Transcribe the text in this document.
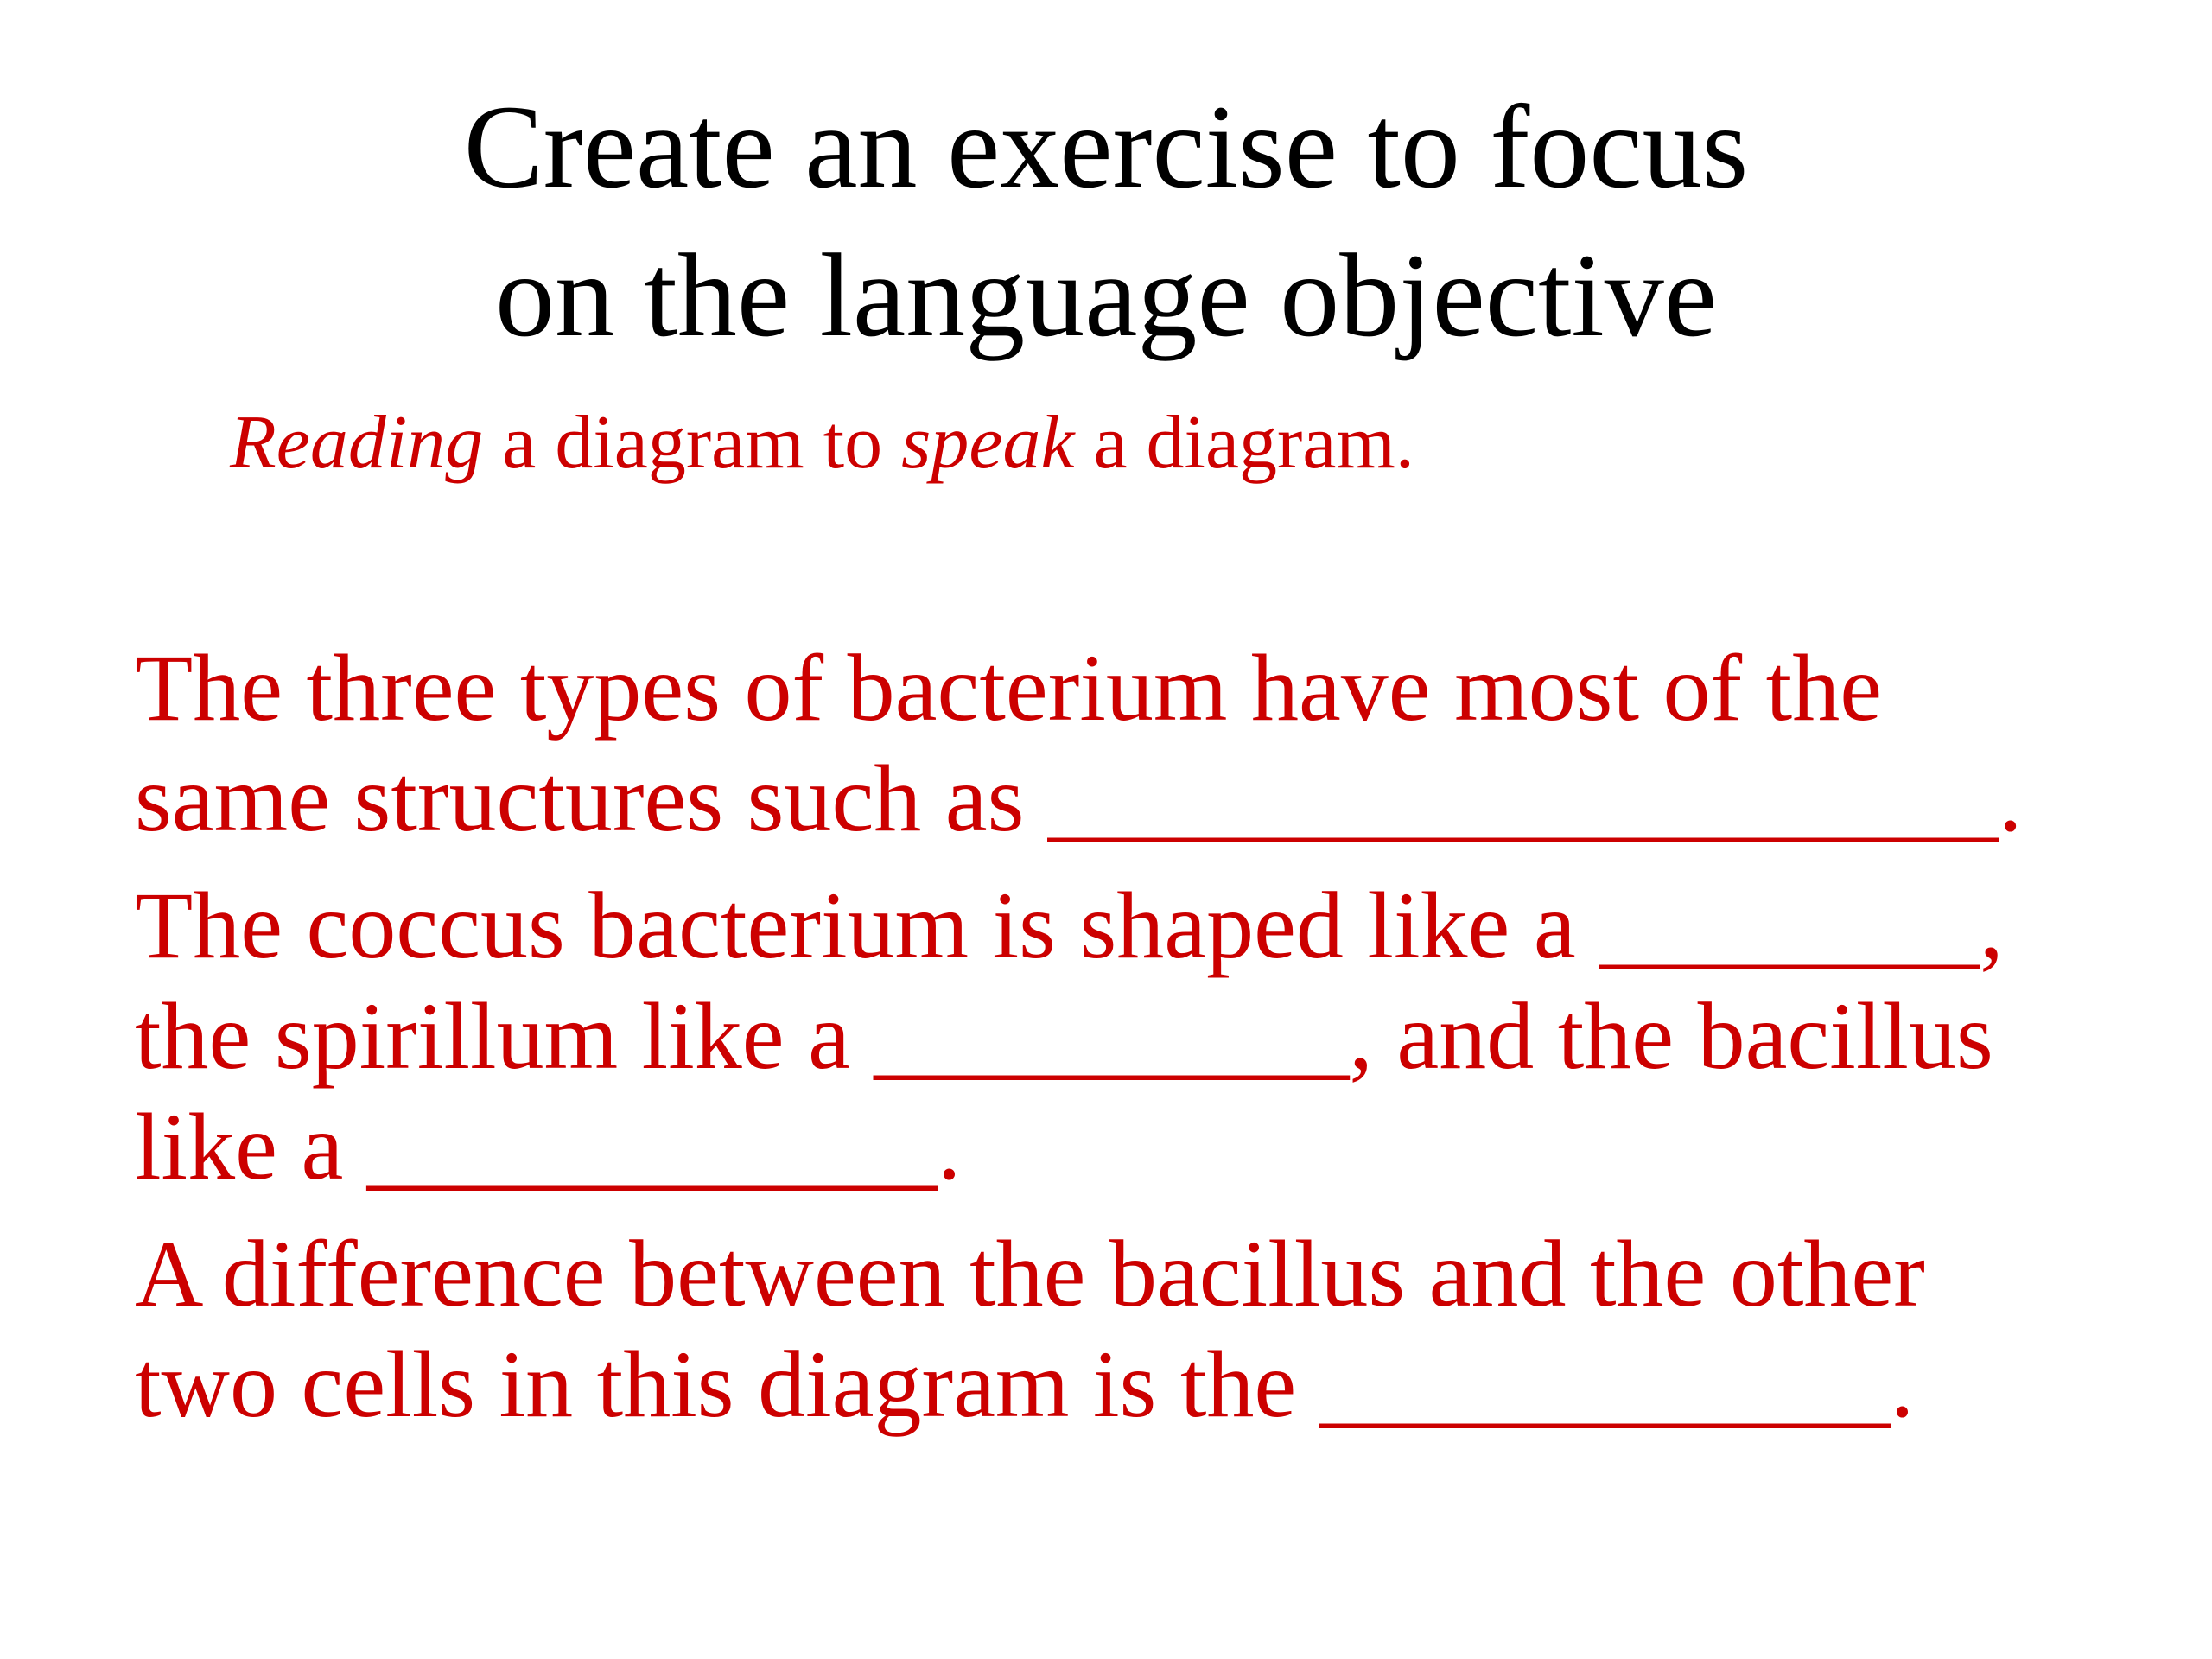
Create an exercise to focus
on the language objective
Reading a diagram to speak a diagram.

The three types of bacterium have most of the
same structures such as ____________________.

The coccus bacterium is shaped like a ________,
the spirillum like a __________, and the bacillus
like a ____________.

A difference between the bacillus and the other
two cells in this diagram is the ____________.
